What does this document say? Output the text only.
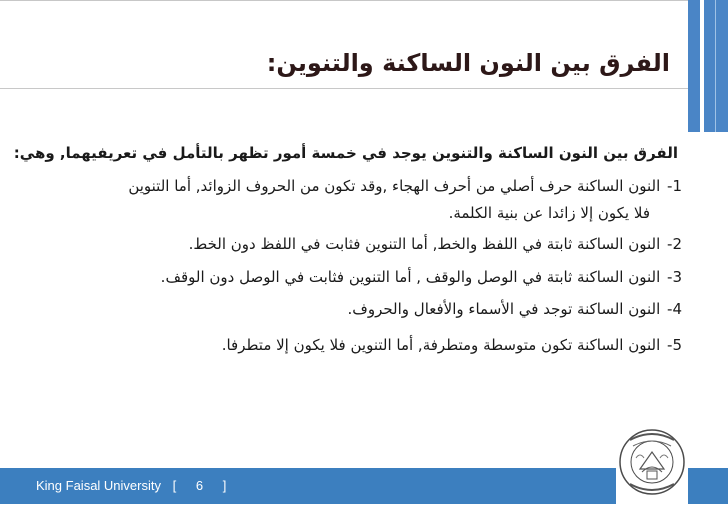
الفرق بين النون الساكنة والتنوين:
الفرق بين النون الساكنة والتنوين يوجد في خمسة أمور تظهر بالتأمل في تعريفيهما, وهي:
1- النون الساكنة حرف أصلي من أحرف الهجاء ,وقد تكون من الحروف الزوائد, أما التنوين
فلا يكون إلا زائدا عن بنية الكلمة.
2- النون الساكنة ثابتة في اللفظ والخط, أما التنوين فثابت في اللفظ دون الخط.
3- النون الساكنة ثابتة في الوصل والوقف , أما التنوين فثابت في الوصل دون الوقف.
4- النون الساكنة توجد في الأسماء والأفعال والحروف.
5- النون الساكنة تكون متوسطة ومتطرفة, أما التنوين فلا يكون إلا متطرفا.
King Faisal University [ 6 ]
